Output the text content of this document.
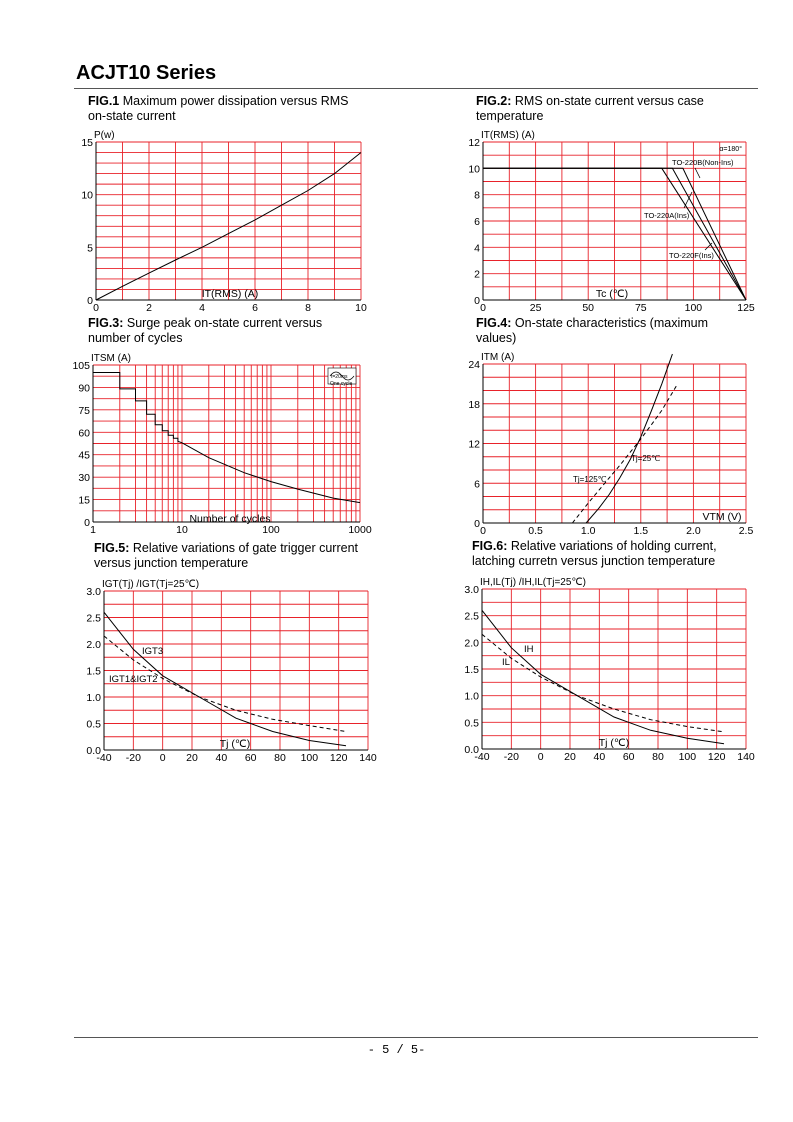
ACJT10 Series
FIG.1 Maximum power dissipation versus RMS
on-state current
FIG.2: RMS on-state current versus case
temperature
FIG.3: Surge peak on-state current versus
number of cycles
FIG.4: On-state characteristics (maximum
values)
FIG.5: Relative variations of gate trigger current
versus junction temperature
FIG.6: Relative variations of holding current,
latching curretn versus junction temperature
0
5
10
15
0	2	4	6	8	10
P(w)
IT(RMS) (A)
0
2
4
6
8
10
12
0	25	50	75	100	125
IT(RMS) (A)
Tc (℃)
0
15
30
45
60
75
90
105
1	10	100	1000
ITSM (A)
Number of cycles	0
6
12
18
24
0	0.5	1.0	1.5	2.0	2.5
ITM (A)
VTM (V)
0.0
0.5
1.0
1.5
2.0
2.5
3.0
-40 -20 0 20 40 60 80 100 120 140
IGT(Tj) /IGT(Tj=25℃)
Tj (℃)	0.0
0.5
1.0
1.5
2.0
2.5
3.0
-40 -20 0 20 40 60 80 100 120 140
IH,IL(Tj) /IH,IL(Tj=25℃)
Tj (℃)
α=180°
TO-220B(Non-Ins)
TO-220A(Ins)
TO-220F(Ins)
t=20ms
One cycle
Tj=25℃
Tj=125℃
IGT3
IGT1&IGT2
IH
IL
- 5 / 5-
